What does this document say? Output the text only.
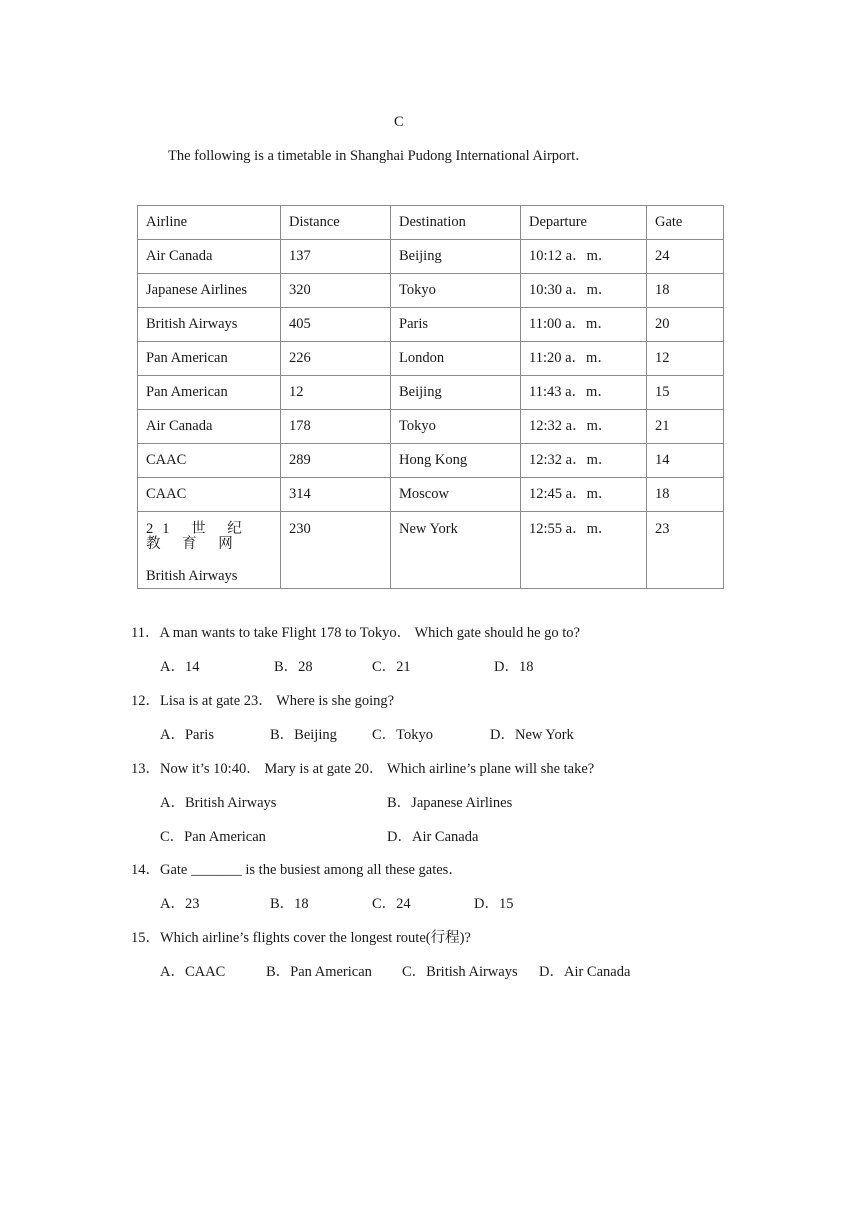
C
The following is a timetable in Shanghai Pudong International Airport．
Airline	Distance	Destination	Departure	Gate
Air Canada	137	Beijing	10:12 a．m．	24
Japanese Airlines	320	Tokyo	10:30 a．m．	18
British Airways	405	Paris	11:00 a．m．	20
Pan American	226	London	11:20 a．m．	12
Pan American	12	Beijing	11:43 a．m．	15
Air Canada	178	Tokyo	12:32 a．m．	21
CAAC	289	Hong Kong	12:32 a．m．	14
CAAC	314	Moscow	12:45 a．m．	18

21 世 纪 教 育 网
British Airways	230	New York	12:55 a．m．	23
11．A man wants to take Flight 178 to Tokyo． Which gate should he go to?
A．14	B．28	C．21	D．18
12．Lisa is at gate 23． Where is she going?
A．Paris	B．Beijing C．Tokyo	D．New York
13．Now it’s 10:40． Mary is at gate 20． Which airline’s plane will she take?
A．British Airways	B．Japanese Airlines
C．Pan American	D．Air Canada
14．Gate _______ is the busiest among all these gates．
A．23	B．18	C．24	D．15
15．Which airline’s flights cover the longest route(行程)?
A．CAAC	B．Pan American C．British Airways D．Air Canada
